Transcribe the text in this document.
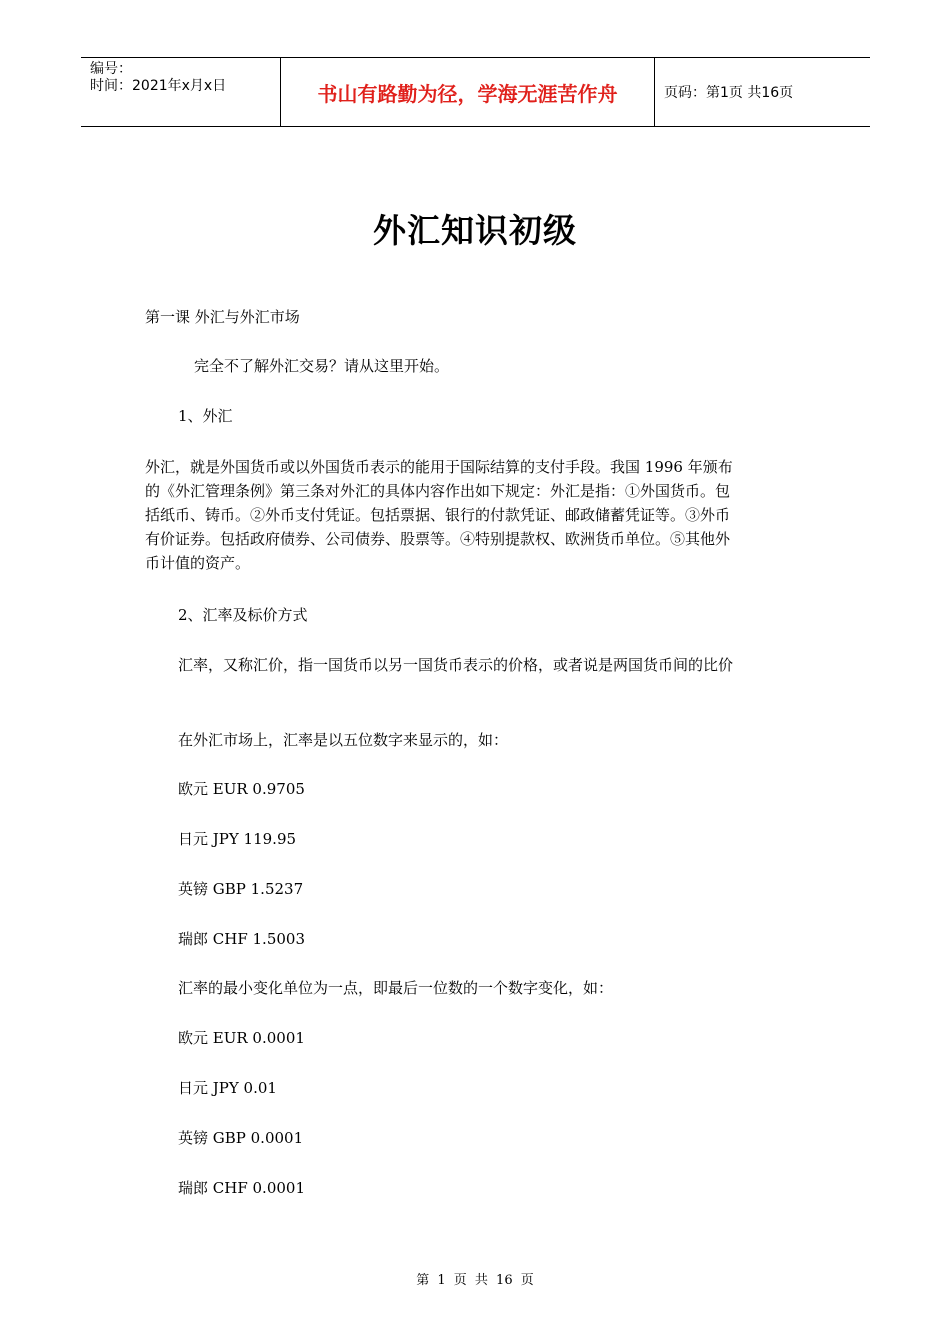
编号：
时间：2021年x月x日	书山有路勤为径，学海无涯苦作舟	页码：第1页 共16页
外汇知识初级
第一课 外汇与外汇市场
完全不了解外汇交易？请从这里开始。
1、外汇
外汇，就是外国货币或以外国货币表示的能用于国际结算的支付手段。我国 1996 年颁布
的《外汇管理条例》第三条对外汇的具体内容作出如下规定：外汇是指：①外国货币。包
括纸币、铸币。②外币支付凭证。包括票据、银行的付款凭证、邮政储蓄凭证等。③外币
有价证券。包括政府债券、公司债券、股票等。④特别提款权、欧洲货币单位。⑤其他外
币计值的资产。
2、汇率及标价方式
汇率，又称汇价，指一国货币以另一国货币表示的价格，或者说是两国货币间的比价
在外汇市场上，汇率是以五位数字来显示的，如：
欧元 EUR 0.9705
日元 JPY 119.95
英镑 GBP 1.5237
瑞郎 CHF 1.5003
汇率的最小变化单位为一点，即最后一位数的一个数字变化，如：
欧元 EUR 0.0001
日元 JPY 0.01
英镑 GBP 0.0001
瑞郎 CHF 0.0001
第 1 页 共 16 页
